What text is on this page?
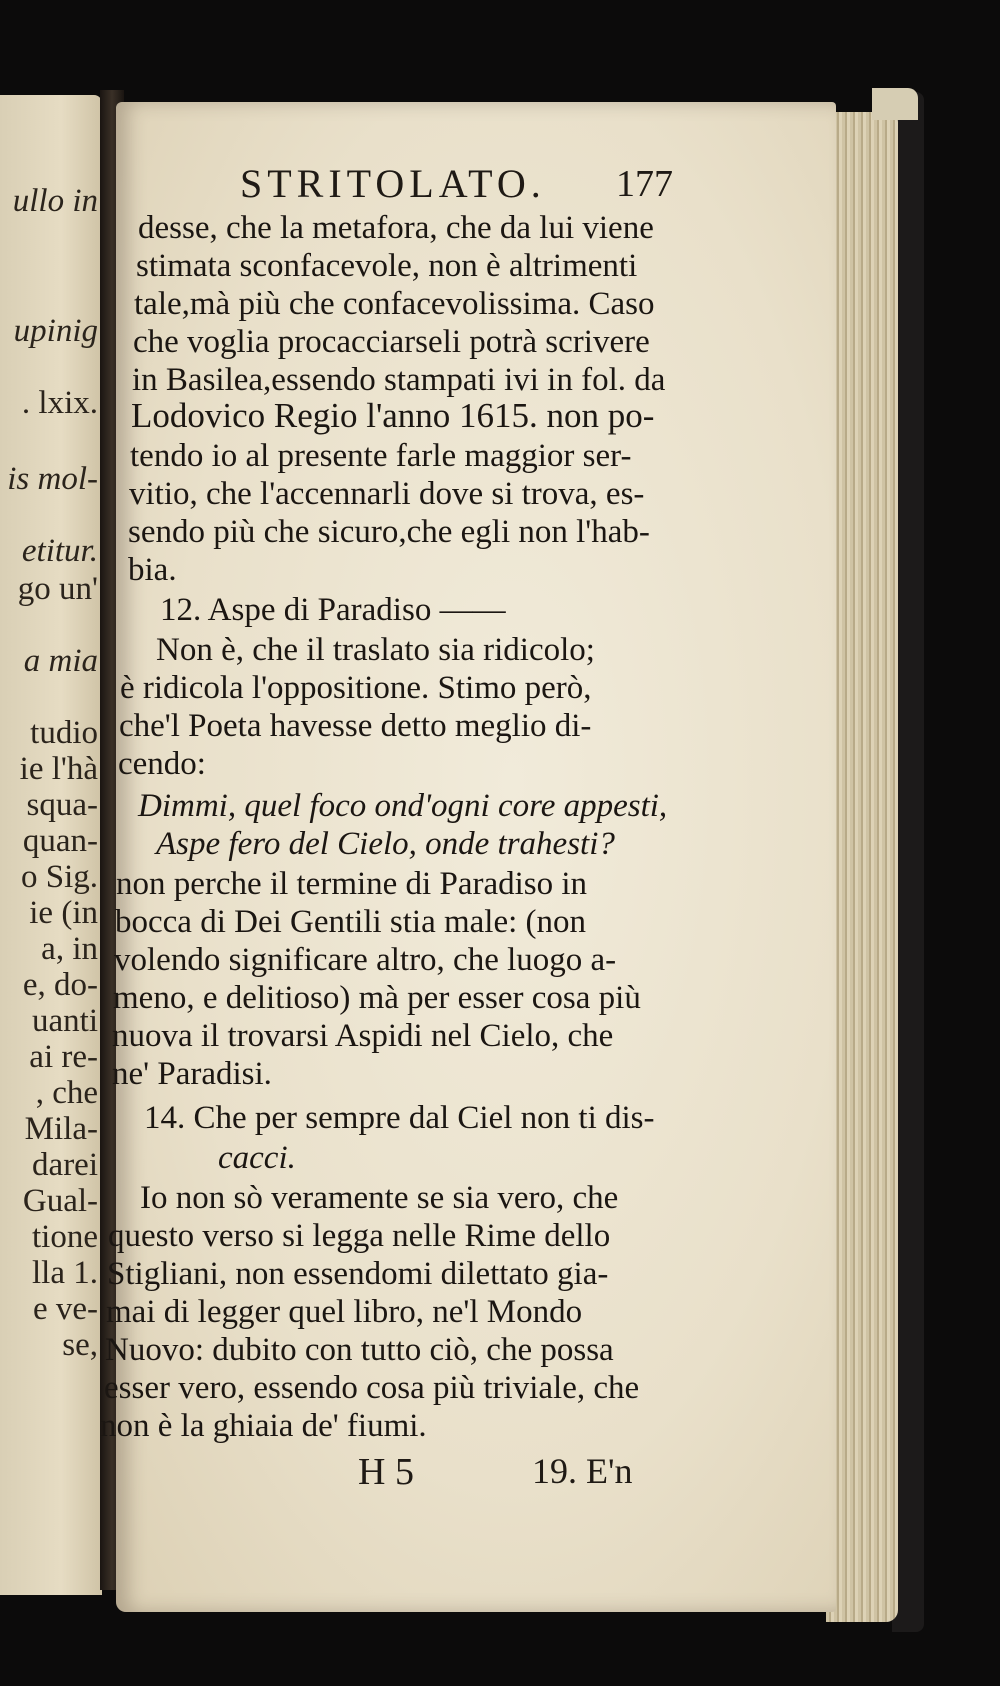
ullo in
upinig
. lxix.
is mol-
etitur.
go un'
a mia
tudio
ie l'hà
squa-
quan-
o Sig.
ie (in
a, in
e, do-
uanti
ai re-
, che
Mila-
darei
Gual-
tione
lla 1.
e ve-
se,
STRITOLATO. 177
desse, che la metafora, che da lui viene
stimata sconfacevole, non è altrimenti
tale,mà più che confacevolissima. Caso
che voglia procacciarseli potrà scrivere
in Basilea,essendo stampati ivi in fol. da
Lodovico Regio l'anno 1615. non po-
tendo io al presente farle maggior ser-
vitio, che l'accennarli dove si trova, es-
sendo più che sicuro,che egli non l'hab-
bia.
12. Aspe di Paradiso ——
Non è, che il traslato sia ridicolo;
è ridicola l'oppositione. Stimo però,
che'l Poeta havesse detto meglio di-
cendo:
Dimmi, quel foco ond'ogni core appesti,
Aspe fero del Cielo, onde trahesti?
non perche il termine di Paradiso in
bocca di Dei Gentili stia male: (non
volendo significare altro, che luogo a-
meno, e delitioso) mà per esser cosa più
nuova il trovarsi Aspidi nel Cielo, che
ne' Paradisi.
14. Che per sempre dal Ciel non ti dis-
cacci.
Io non sò veramente se sia vero, che
questo verso si legga nelle Rime dello
Stigliani, non essendomi dilettato gia-
mai di legger quel libro, ne'l Mondo
Nuovo: dubito con tutto ciò, che possa
esser vero, essendo cosa più triviale, che
non è la ghiaia de' fiumi.
H 5	19. E'n
